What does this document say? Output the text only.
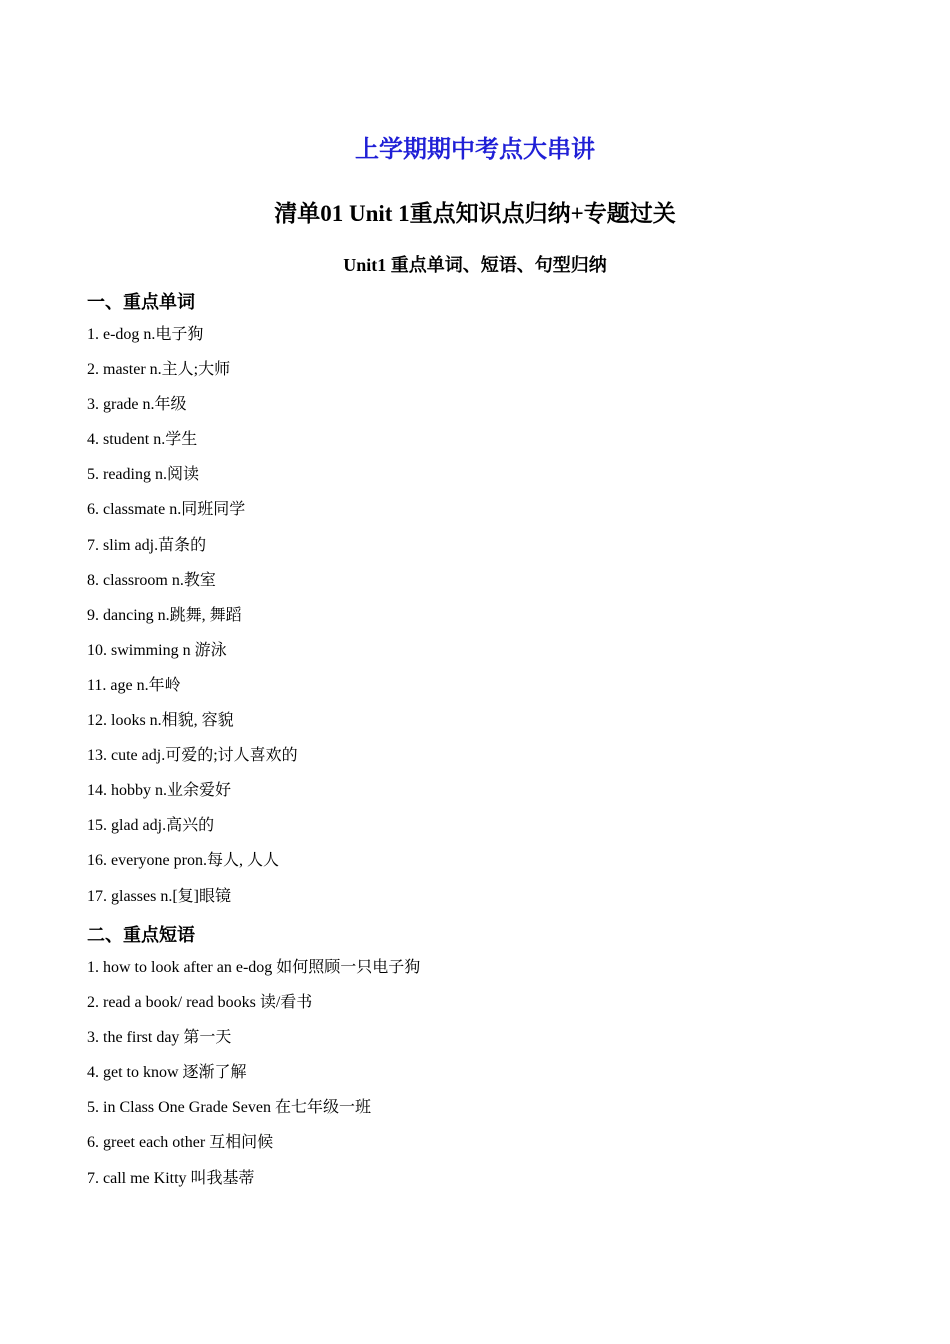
上学期期中考点大串讲
清单01 Unit 1重点知识点归纳+专题过关
Unit1 重点单词、短语、句型归纳
一、重点单词
1. e-dog n.电子狗
2. master n.主人;大师
3. grade n.年级
4. student n.学生
5. reading n.阅读
6. classmate n.同班同学
7. slim adj.苗条的
8. classroom n.教室
9. dancing n.跳舞, 舞蹈
10. swimming n 游泳
11. age n.年岭
12. looks n.相貌, 容貌
13. cute adj.可爱的;讨人喜欢的
14. hobby n.业余爱好
15. glad adj.高兴的
16. everyone pron.每人, 人人
17. glasses n.[复]眼镜
二、重点短语
1. how to look after an e-dog 如何照顾一只电子狗
2. read a book/ read books 读/看书
3. the first day 第一天
4. get to know 逐渐了解
5. in Class One Grade Seven 在七年级一班
6. greet each other 互相问候
7. call me Kitty 叫我基蒂
